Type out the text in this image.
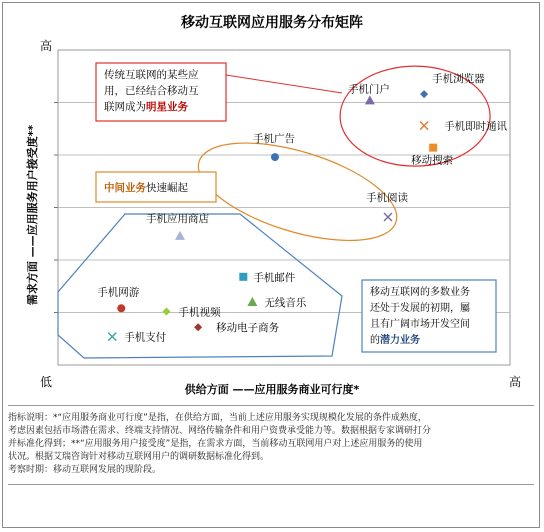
移动互联网应用服务分布矩阵
手机门户
手机浏览器
手机即时通讯
移动搜索
手机广告
手机阅读
手机应用商店
手机邮件
无线音乐
手机网游
手机视频
移动电子商务
手机支付
高
低	高
供给方面 ——应用服务商业可行度*
需求方面 ——应用服务用户接受度**
传统互联网的某些应
用，已经结合移动互
联网成为明星业务
中间业务快速崛起
移动互联网的多数业务
还处于发展的初期，屬
且有广阔市场开发空间
的潜力业务
指标说明：*“应用服务商业可行度”是指，在供给方面，当前上述应用服务实现规模化发展的条件成熟度，
考虑因素包括市场潜在需求、终端支持情况、网络传输条件和用户资费承受能力等。数据根据专家调研打分
并标准化得到；**“应用服务用户接受度”是指，在需求方面，当前移动互联网用户对上述应用服务的使用
状况。根据艾瑞咨询针对移动互联网用户的调研数据标准化得到。
考察时期：移动互联网发展的现阶段。
